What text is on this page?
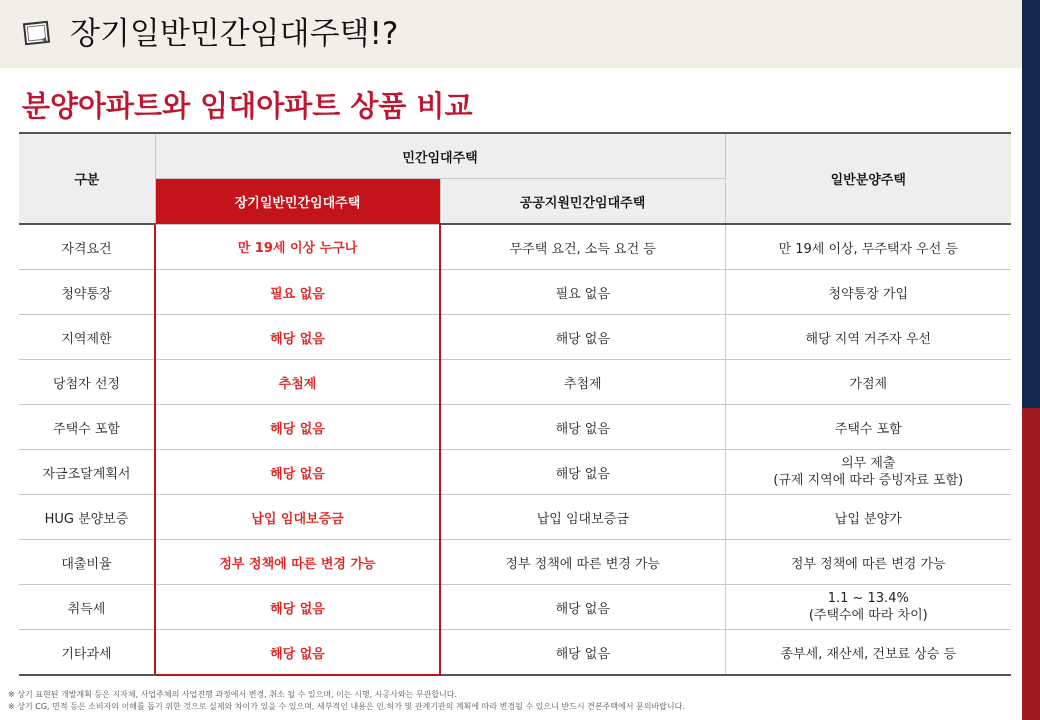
장기일반민간임대주택!?
분양아파트와 임대아파트 상품 비교
구분	민간임대주택		일반분양주택
	장기일반민간임대주택	공공지원민간임대주택	
자격요건	만 19세 이상 누구나	무주택 요건, 소득 요건 등	만 19세 이상, 무주택자 우선 등
청약통장	필요 없음	필요 없음	청약통장 가입
지역제한	해당 없음	해당 없음	해당 지역 거주자 우선
당첨자 선정	추첨제	추첨제	가점제
주택수 포함	해당 없음	해당 없음	주택수 포함
자금조달계획서	해당 없음	해당 없음	의무 제출
(규제 지역에 따라 증빙자료 포함)

HUG 분양보증	납입 임대보증금	납입 임대보증금	납입 분양가
대출비율	정부 정책에 따른 변경 가능	정부 정책에 따른 변경 가능	정부 정책에 따른 변경 가능
취득세	해당 없음	해당 없음	1.1 ~ 13.4%
(주택수에 따라 차이)

기타과세	해당 없음	해당 없음	종부세, 재산세, 건보료 상승 등
※ 상기 표현된 개발계획 등은 지자체, 사업주체의 사업진행 과정에서 변경, 취소 될 수 있으며, 이는 시행, 시공사와는 무관합니다.
※ 상기 CG, 면적 등은 소비자의 이해를 돕기 위한 것으로 실제와 차이가 있을 수 있으며, 세부적인 내용은 인.허가 및 관계기관의 계획에 따라 변경될 수 있으니 반드시 견본주택에서 문의바랍니다.
